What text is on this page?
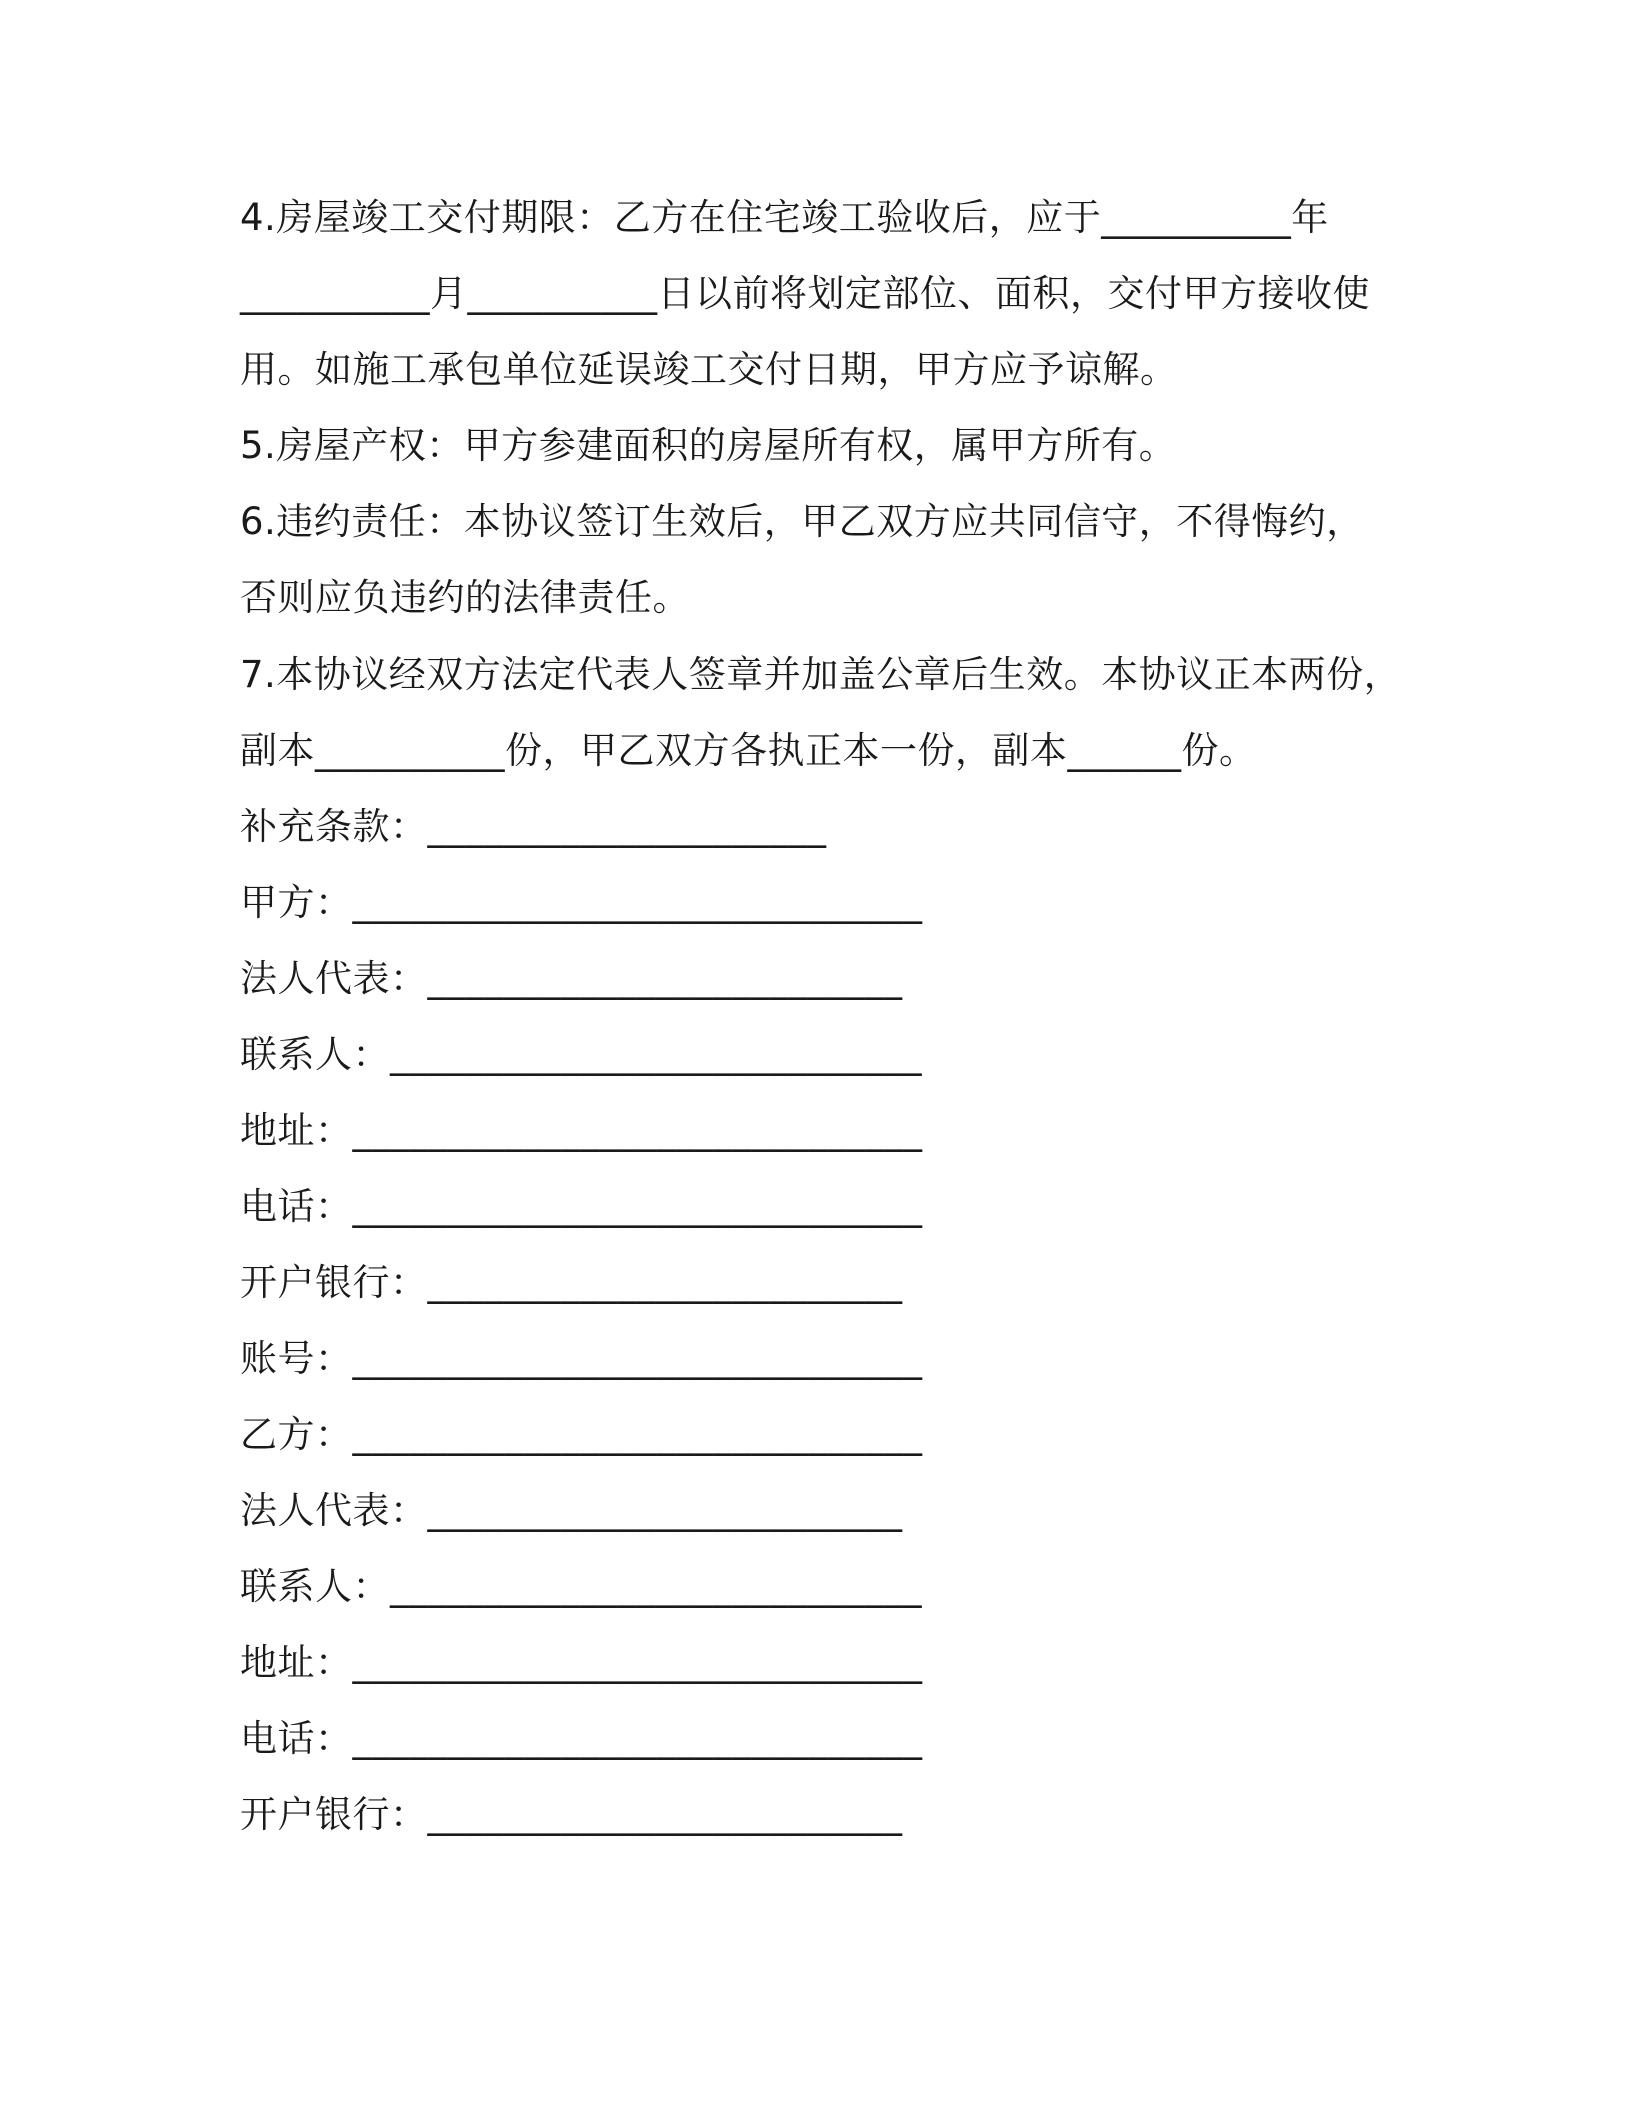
4.房屋竣工交付期限：乙方在住宅竣工验收后，应于__________年
__________月__________日以前将划定部位、面积，交付甲方接收使
用。如施工承包单位延误竣工交付日期，甲方应予谅解。
5.房屋产权：甲方参建面积的房屋所有权，属甲方所有。
6.违约责任：本协议签订生效后，甲乙双方应共同信守，不得悔约，
否则应负违约的法律责任。
7.本协议经双方法定代表人签章并加盖公章后生效。本协议正本两份，
副本__________份，甲乙双方各执正本一份，副本______份。
补充条款：_____________________
甲方：______________________________
法人代表：_________________________
联系人：____________________________
地址：______________________________
电话：______________________________
开户银行：_________________________
账号：______________________________
乙方：______________________________
法人代表：_________________________
联系人：____________________________
地址：______________________________
电话：______________________________
开户银行：_________________________
